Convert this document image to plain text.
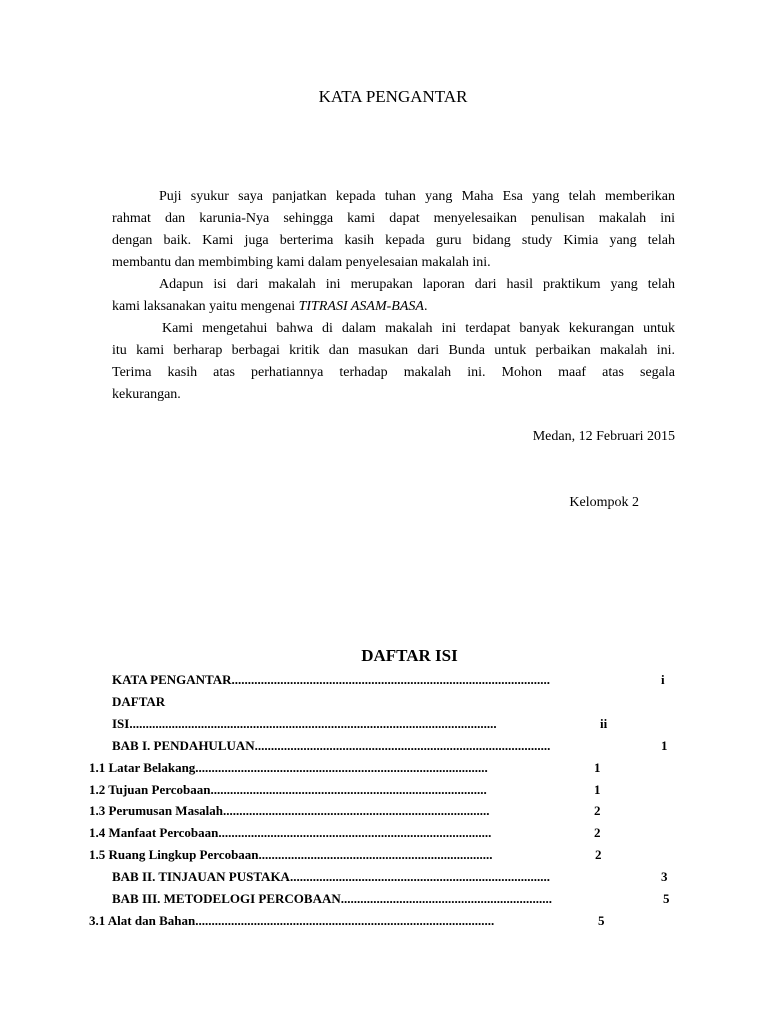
KATA PENGANTAR
Puji syukur saya panjatkan kepada tuhan yang Maha Esa yang telah memberikan
rahmat dan karunia-Nya sehingga kami dapat menyelesaikan penulisan makalah ini
dengan baik. Kami juga berterima kasih kepada guru bidang study Kimia yang telah
membantu dan membimbing kami dalam penyelesaian makalah ini.
Adapun isi dari makalah ini merupakan laporan dari hasil praktikum yang telah
kami laksanakan yaitu mengenai TITRASI ASAM-BASA.
Kami mengetahui bahwa di dalam makalah ini terdapat banyak kekurangan untuk
itu kami berharap berbagai kritik dan masukan dari Bunda untuk perbaikan makalah ini.
Terima kasih atas perhatiannya terhadap makalah ini. Mohon maaf atas segala
kekurangan.
Medan, 12 Februari 2015
Kelompok 2
DAFTAR ISI
KATA PENGANTAR..................................................................................................	i
DAFTAR
ISI.................................................................................................................	ii
BAB I. PENDAHULUAN...........................................................................................	1
1.1 Latar Belakang..........................................................................................	1
1.2 Tujuan Percobaan.....................................................................................	1
1.3 Perumusan Masalah..................................................................................	2
1.4 Manfaat Percobaan....................................................................................	2
1.5 Ruang Lingkup Percobaan........................................................................	2
BAB II. TINJAUAN PUSTAKA................................................................................	3
BAB III. METODELOGI PERCOBAAN.................................................................	5
3.1 Alat dan Bahan............................................................................................	5
